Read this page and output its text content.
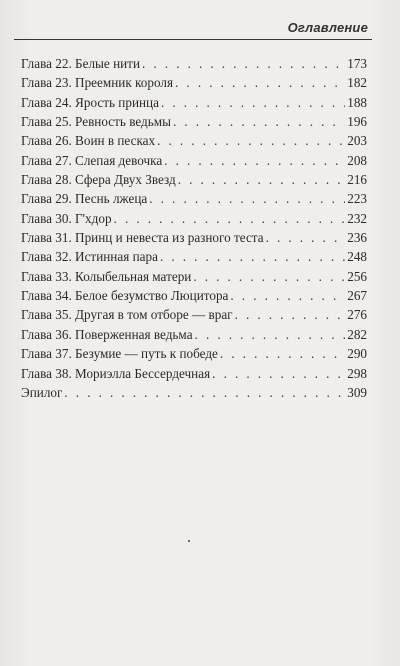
Оглавление
Глава 22. Белые нити . . .	173
Глава 23. Преемник короля . . .	182
Глава 24. Ярость принца . . .	188
Глава 25. Ревность ведьмы . . .	196
Глава 26. Воин в песках . . .	203
Глава 27. Слепая девочка . . .	208
Глава 28. Сфера Двух Звезд . . .	216
Глава 29. Песнь лжеца . . .	223
Глава 30. Г'хдор . . .	232
Глава 31. Принц и невеста из разного теста . . .	236
Глава 32. Истинная пара . . .	248
Глава 33. Колыбельная матери . . .	256
Глава 34. Белое безумство Люцитора . . .	267
Глава 35. Другая в том отборе — враг . . .	276
Глава 36. Поверженная ведьма . . .	282
Глава 37. Безумие — путь к победе . . .	290
Глава 38. Мориэлла Бессердечная . . .	298
Эпилог . . .	309
